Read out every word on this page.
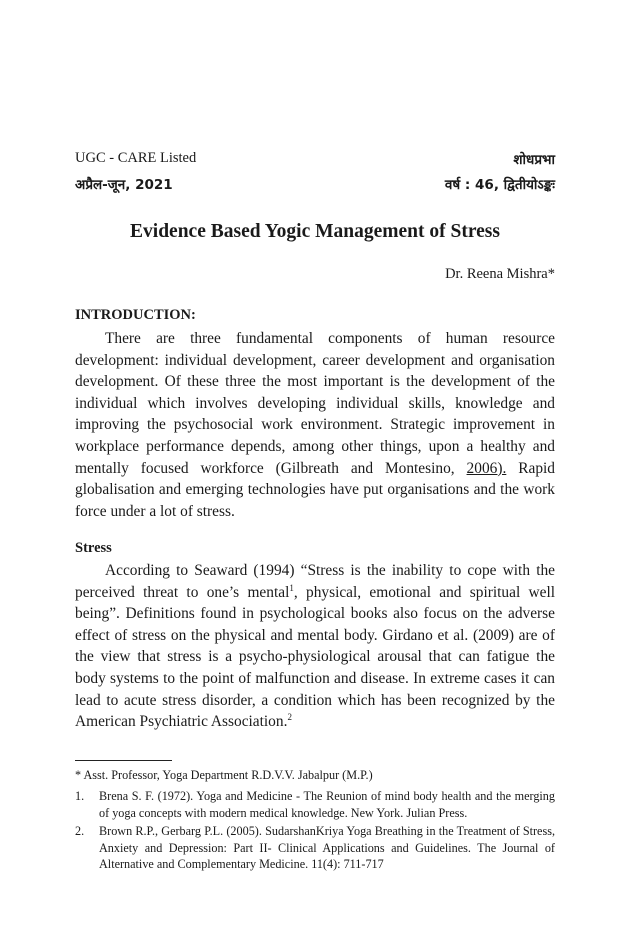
UGC - CARE Listed	शोधप्रभा
अप्रैल-जून, 2021	वर्ष : 46, द्वितीयोऽङ्कः
Evidence Based Yogic Management of Stress
Dr. Reena Mishra*
INTRODUCTION:

There are three fundamental components of human resource development: individual development, career development and organisation development. Of these three the most important is the development of the individual which involves developing individual skills, knowledge and improving the psychosocial work environment. Strategic improvement in workplace performance depends, among other things, upon a healthy and mentally focused workforce (Gilbreath and Montesino, 2006). Rapid globalisation and emerging technologies have put organisations and the work force under a lot of stress.

Stress

According to Seaward (1994) “Stress is the inability to cope with the perceived threat to one’s mental$^1$, physical, emotional and spiritual well being”. Definitions found in psychological books also focus on the adverse effect of stress on the physical and mental body. Girdano et al. (2009) are of the view that stress is a psycho-physiological arousal that can fatigue the body systems to the point of malfunction and disease. In extreme cases it can lead to acute stress disorder, a condition which has been recognized by the American Psychiatric Association.$^2$

* Asst. Professor, Yoga Department R.D.V.V. Jabalpur (M.P.)
1. Brena S. F. (1972). Yoga and Medicine - The Reunion of mind body health and the merging of yoga concepts with modern medical knowledge. New York. Julian Press.
2. Brown R.P., Gerbarg P.L. (2005). SudarshanKriya Yoga Breathing in the Treatment of Stress, Anxiety and Depression: Part II- Clinical Applications and Guidelines. The Journal of Alternative and Complementary Medicine. 11(4): 711-717
